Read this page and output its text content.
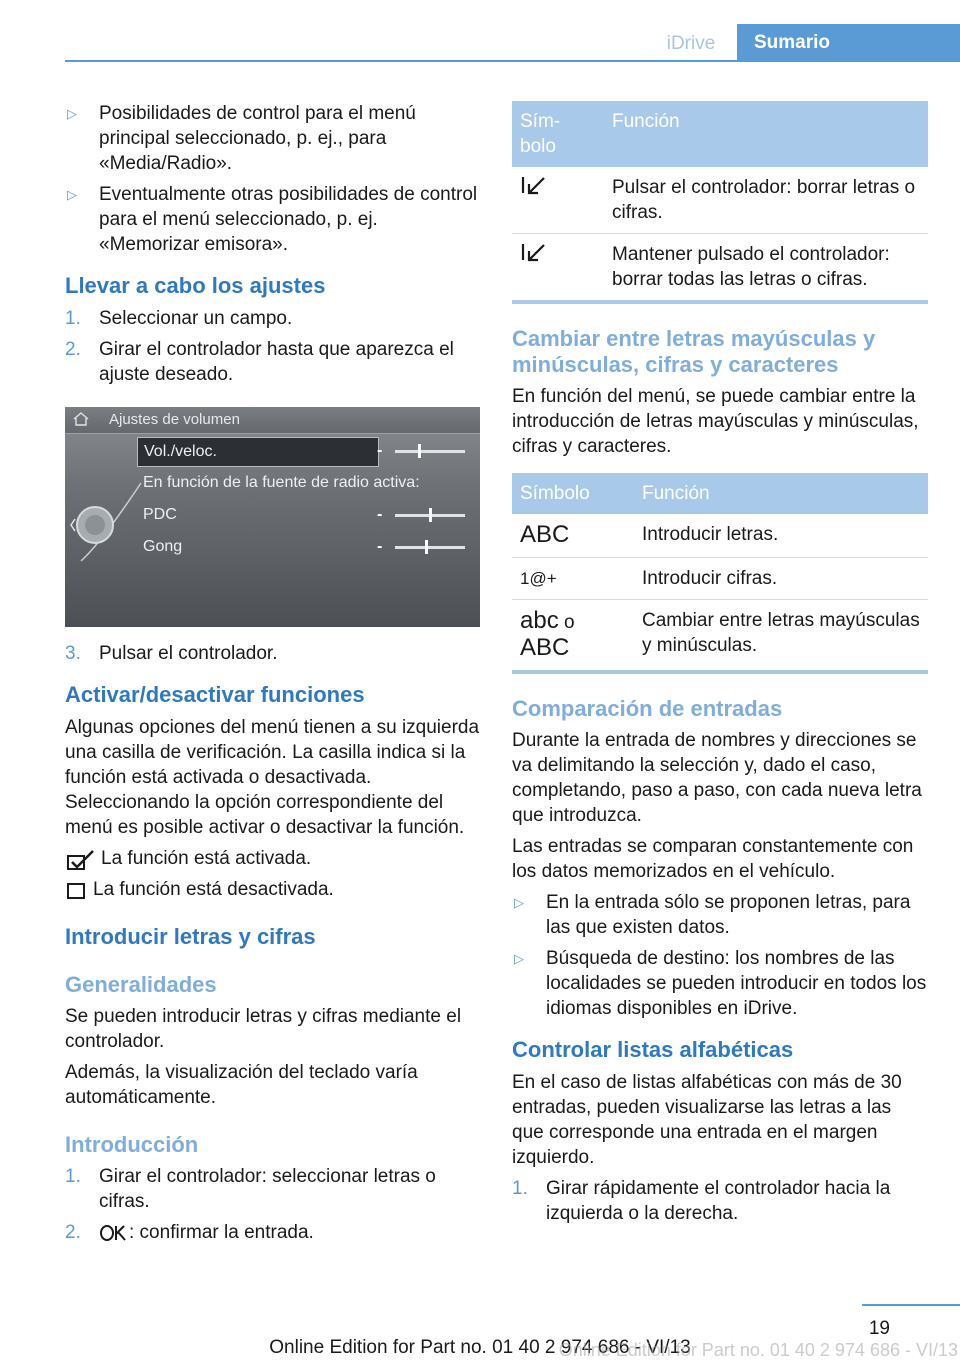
iDrive	Sumario
▷ Posibilidades de control para el menú principal seleccionado, p. ej., para «Media/Radio».
▷ Eventualmente otras posibilidades de control para el menú seleccionado, p. ej. «Memorizar emisora».
Llevar a cabo los ajustes
1. Seleccionar un campo.
2. Girar el controlador hasta que aparezca el ajuste deseado.
Ajustes de volumen
Vol./veloc.	-	+
En función de la fuente de radio activa:
PDC	-	+
Gong	-	+
3. Pulsar el controlador.
Activar/desactivar funciones

Algunas opciones del menú tienen a su izquierda una casilla de verificación. La casilla indica si la función está activada o desactivada. Seleccionando la opción correspondiente del menú es posible activar o desactivar la función.

La función está activada.
La función está desactivada.
Introducir letras y cifras
Generalidades

Se pueden introducir letras y cifras mediante el controlador.

Además, la visualización del teclado varía automáticamente.

Introducción
1. Girar el controlador: seleccionar letras o cifras.
2.	: confirmar la entrada.
Sím-
bolo	Función
	Pulsar el controlador: borrar letras o cifras.
	Mantener pulsado el controlador: borrar todas las letras o cifras.
Cambiar entre letras mayúsculas y minúsculas, cifras y caracteres

En función del menú, se puede cambiar entre la introducción de letras mayúsculas y minúsculas, cifras y caracteres.

Símbolo	Función
ABC	Introducir letras.
1@+	Introducir cifras.
abc o
ABC	Cambiar entre letras mayúsculas y minúsculas.
Comparación de entradas

Durante la entrada de nombres y direcciones se va delimitando la selección y, dado el caso, completando, paso a paso, con cada nueva letra que introduzca.

Las entradas se comparan constantemente con los datos memorizados en el vehículo.

▷ En la entrada sólo se proponen letras, para las que existen datos.
▷ Búsqueda de destino: los nombres de las localidades se pueden introducir en todos los idiomas disponibles en iDrive.
Controlar listas alfabéticas

En el caso de listas alfabéticas con más de 30 entradas, pueden visualizarse las letras a las que corresponde una entrada en el margen izquierdo.

1. Girar rápidamente el controlador hacia la izquierda o la derecha.
19
Online Edition for Part no. 01 40 2 974 686 - VI/13
Online Edition for Part no. 01 40 2 974 686 - VI/13
